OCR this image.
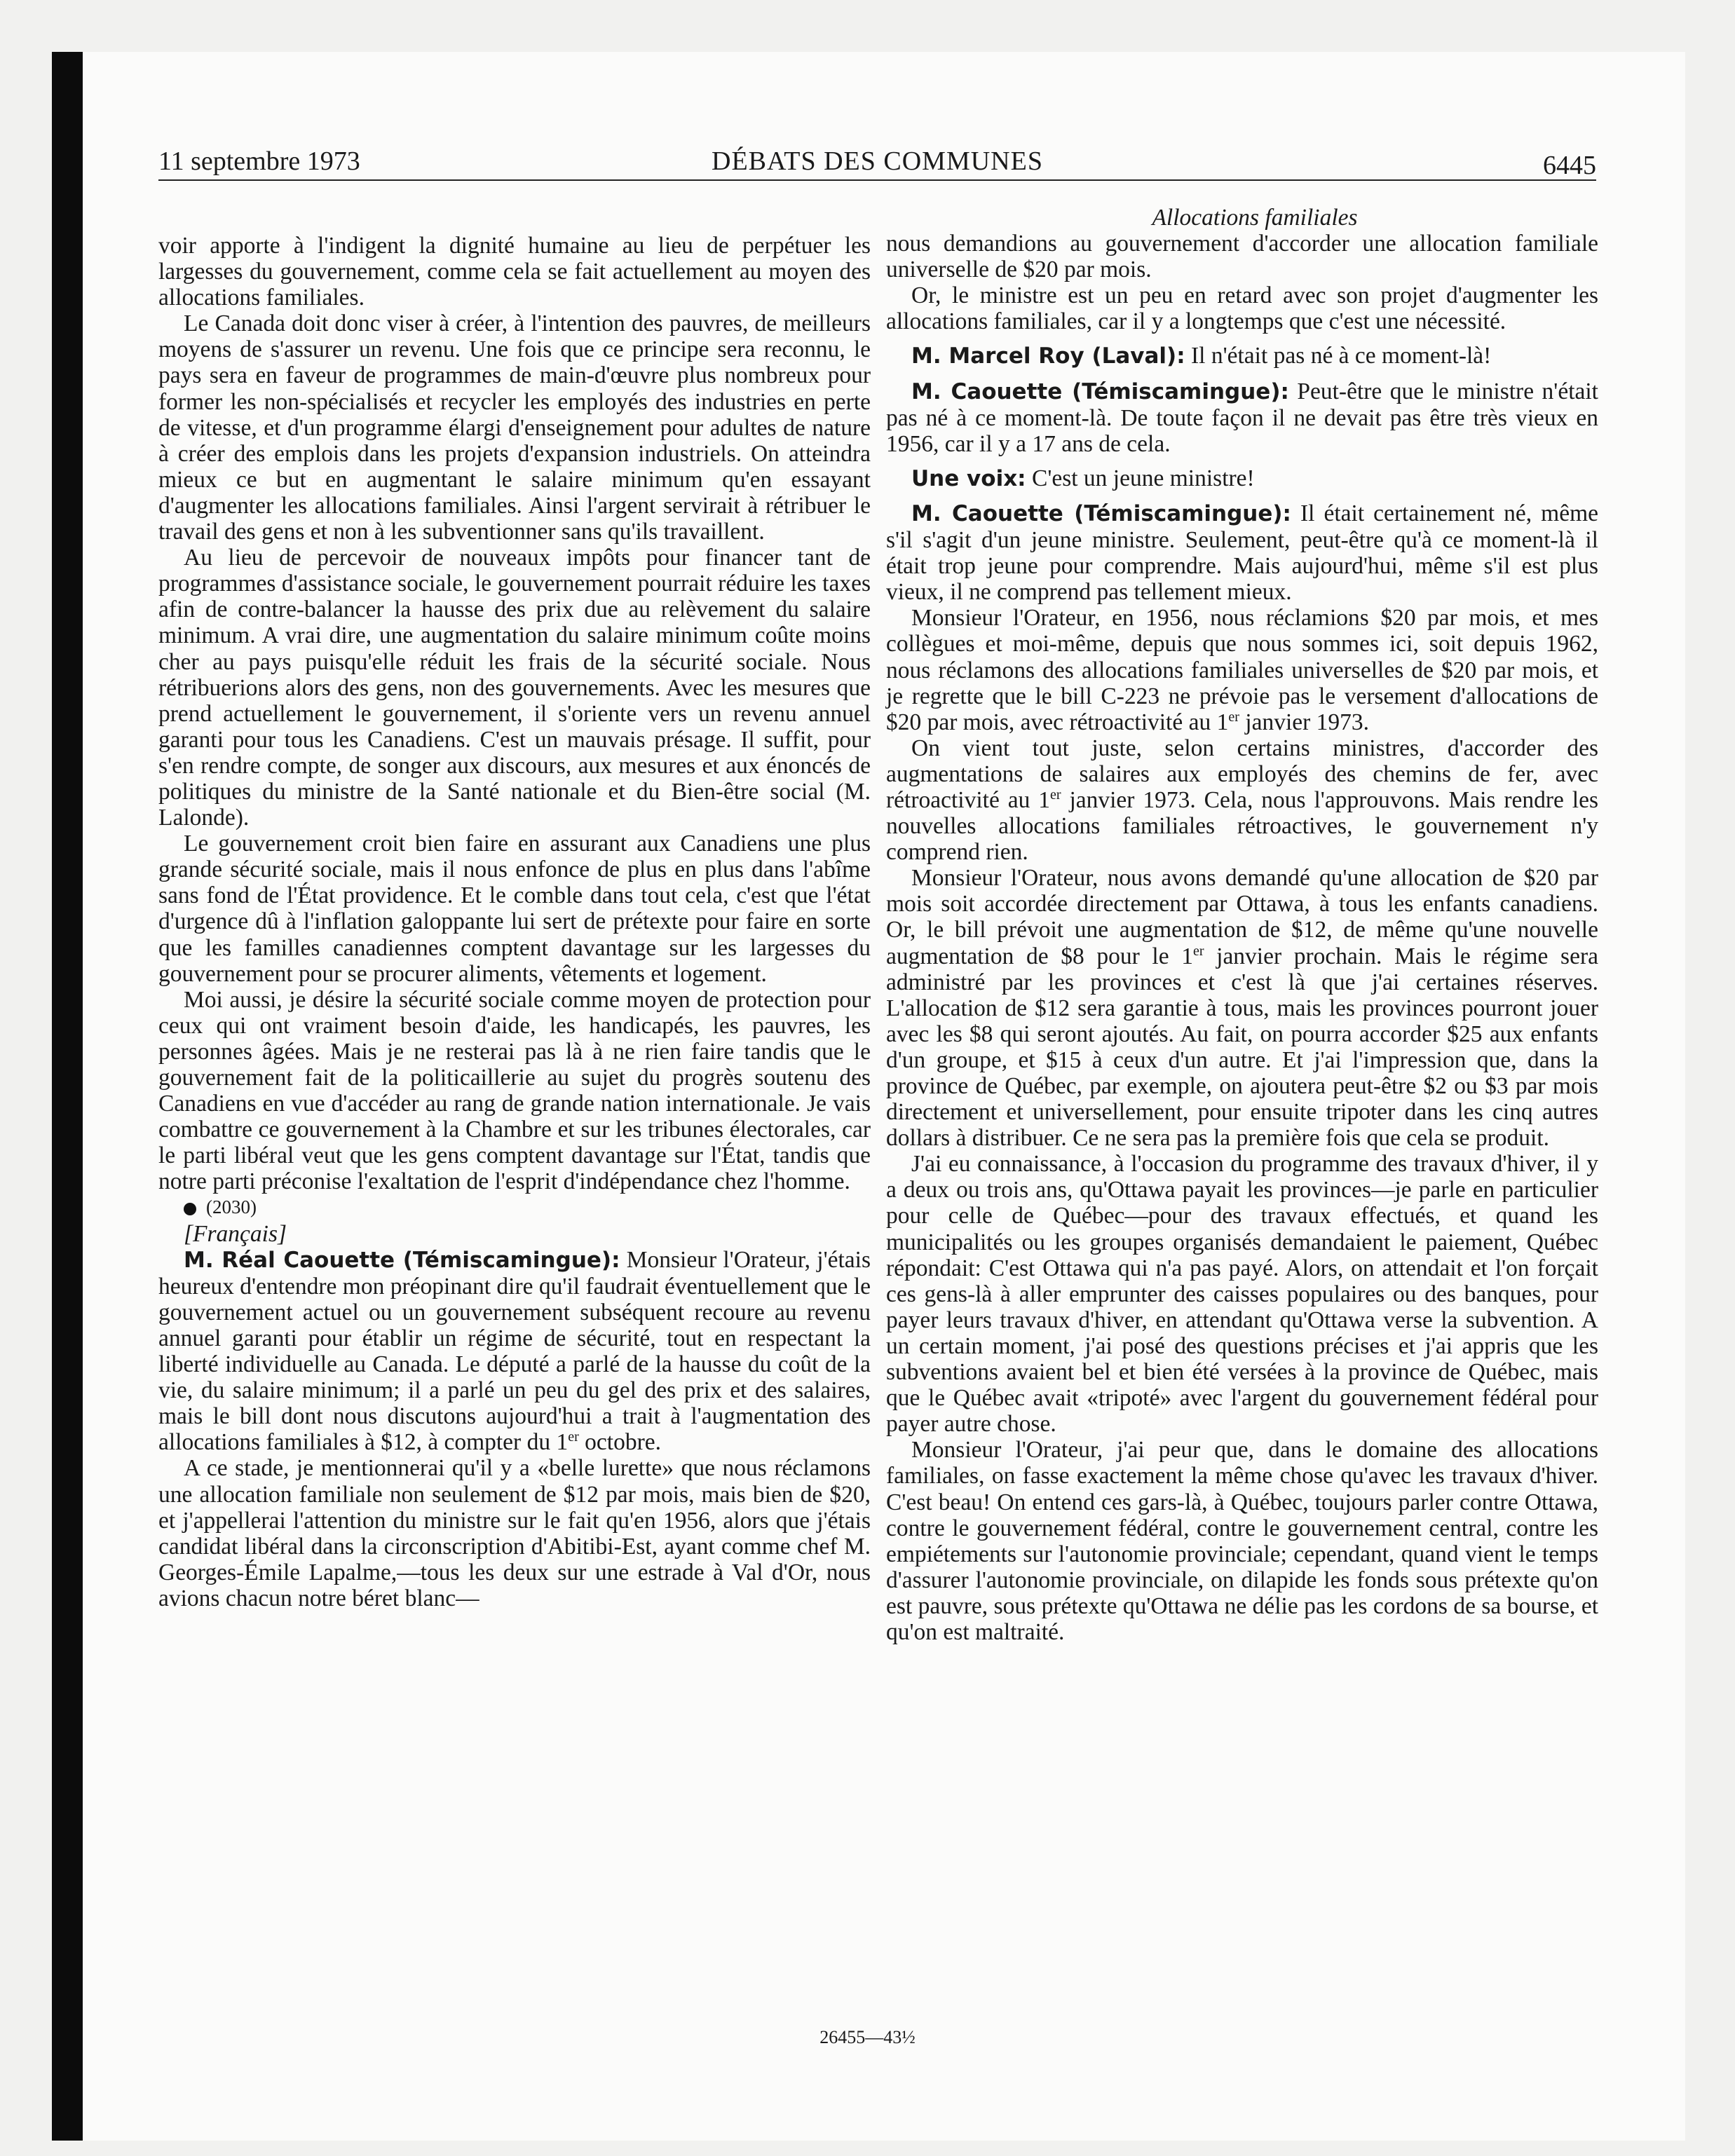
11 septembre 1973	DÉBATS DES COMMUNES	6445

voir apporte à l'indigent la dignité humaine au lieu de perpétuer les largesses du gouvernement, comme cela se fait actuellement au moyen des allocations familiales.

Le Canada doit donc viser à créer, à l'intention des pauvres, de meilleurs moyens de s'assurer un revenu. Une fois que ce principe sera reconnu, le pays sera en faveur de programmes de main-d'œuvre plus nombreux pour former les non-spécialisés et recycler les employés des industries en perte de vitesse, et d'un programme élargi d'enseignement pour adultes de nature à créer des emplois dans les projets d'expansion industriels. On atteindra mieux ce but en augmentant le salaire minimum qu'en essayant d'augmenter les allocations familiales. Ainsi l'argent servirait à rétribuer le travail des gens et non à les subventionner sans qu'ils travaillent.

Au lieu de percevoir de nouveaux impôts pour financer tant de programmes d'assistance sociale, le gouvernement pourrait réduire les taxes afin de contre-balancer la hausse des prix due au relèvement du salaire minimum. A vrai dire, une augmentation du salaire minimum coûte moins cher au pays puisqu'elle réduit les frais de la sécurité sociale. Nous rétribuerions alors des gens, non des gouvernements. Avec les mesures que prend actuellement le gouvernement, il s'oriente vers un revenu annuel garanti pour tous les Canadiens. C'est un mauvais présage. Il suffit, pour s'en rendre compte, de songer aux discours, aux mesures et aux énoncés de politiques du ministre de la Santé nationale et du Bien-être social (M. Lalonde).

Le gouvernement croit bien faire en assurant aux Canadiens une plus grande sécurité sociale, mais il nous enfonce de plus en plus dans l'abîme sans fond de l'État providence. Et le comble dans tout cela, c'est que l'état d'urgence dû à l'inflation galoppante lui sert de prétexte pour faire en sorte que les familles canadiennes comptent davantage sur les largesses du gouvernement pour se procurer aliments, vêtements et logement.

Moi aussi, je désire la sécurité sociale comme moyen de protection pour ceux qui ont vraiment besoin d'aide, les handicapés, les pauvres, les personnes âgées. Mais je ne resterai pas là à ne rien faire tandis que le gouvernement fait de la politicaillerie au sujet du progrès soutenu des Canadiens en vue d'accéder au rang de grande nation internationale. Je vais combattre ce gouvernement à la Chambre et sur les tribunes électorales, car le parti libéral veut que les gens comptent davantage sur l'État, tandis que notre parti préconise l'exaltation de l'esprit d'indépendance chez l'homme.

(2030)

[Français]

M. Réal Caouette (Témiscamingue): Monsieur l'Orateur, j'étais heureux d'entendre mon préopinant dire qu'il faudrait éventuellement que le gouvernement actuel ou un gouvernement subséquent recoure au revenu annuel garanti pour établir un régime de sécurité, tout en respectant la liberté individuelle au Canada. Le député a parlé de la hausse du coût de la vie, du salaire minimum; il a parlé un peu du gel des prix et des salaires, mais le bill dont nous discutons aujourd'hui a trait à l'augmentation des allocations familiales à $12, à compter du 1er octobre.

A ce stade, je mentionnerai qu'il y a «belle lurette» que nous réclamons une allocation familiale non seulement de $12 par mois, mais bien de $20, et j'appellerai l'attention du ministre sur le fait qu'en 1956, alors que j'étais candidat libéral dans la circonscription d'Abitibi-Est, ayant comme chef M. Georges-Émile Lapalme,—tous les deux sur une estrade à Val d'Or, nous avions chacun notre béret blanc—

Allocations familiales

nous demandions au gouvernement d'accorder une allocation familiale universelle de $20 par mois.

Or, le ministre est un peu en retard avec son projet d'augmenter les allocations familiales, car il y a longtemps que c'est une nécessité.

M. Marcel Roy (Laval): Il n'était pas né à ce moment-là!

M. Caouette (Témiscamingue): Peut-être que le ministre n'était pas né à ce moment-là. De toute façon il ne devait pas être très vieux en 1956, car il y a 17 ans de cela.

Une voix: C'est un jeune ministre!

M. Caouette (Témiscamingue): Il était certainement né, même s'il s'agit d'un jeune ministre. Seulement, peut-être qu'à ce moment-là il était trop jeune pour comprendre. Mais aujourd'hui, même s'il est plus vieux, il ne comprend pas tellement mieux.

Monsieur l'Orateur, en 1956, nous réclamions $20 par mois, et mes collègues et moi-même, depuis que nous sommes ici, soit depuis 1962, nous réclamons des allocations familiales universelles de $20 par mois, et je regrette que le bill C-223 ne prévoie pas le versement d'allocations de $20 par mois, avec rétroactivité au 1er janvier 1973.

On vient tout juste, selon certains ministres, d'accorder des augmentations de salaires aux employés des chemins de fer, avec rétroactivité au 1er janvier 1973. Cela, nous l'approuvons. Mais rendre les nouvelles allocations familiales rétroactives, le gouvernement n'y comprend rien.

Monsieur l'Orateur, nous avons demandé qu'une allocation de $20 par mois soit accordée directement par Ottawa, à tous les enfants canadiens. Or, le bill prévoit une augmentation de $12, de même qu'une nouvelle augmentation de $8 pour le 1er janvier prochain. Mais le régime sera administré par les provinces et c'est là que j'ai certaines réserves. L'allocation de $12 sera garantie à tous, mais les provinces pourront jouer avec les $8 qui seront ajoutés. Au fait, on pourra accorder $25 aux enfants d'un groupe, et $15 à ceux d'un autre. Et j'ai l'impression que, dans la province de Québec, par exemple, on ajoutera peut-être $2 ou $3 par mois directement et universellement, pour ensuite tripoter dans les cinq autres dollars à distribuer. Ce ne sera pas la première fois que cela se produit.

J'ai eu connaissance, à l'occasion du programme des travaux d'hiver, il y a deux ou trois ans, qu'Ottawa payait les provinces—je parle en particulier pour celle de Québec—pour des travaux effectués, et quand les municipalités ou les groupes organisés demandaient le paiement, Québec répondait: C'est Ottawa qui n'a pas payé. Alors, on attendait et l'on forçait ces gens-là à aller emprunter des caisses populaires ou des banques, pour payer leurs travaux d'hiver, en attendant qu'Ottawa verse la subvention. A un certain moment, j'ai posé des questions précises et j'ai appris que les subventions avaient bel et bien été versées à la province de Québec, mais que le Québec avait «tripoté» avec l'argent du gouvernement fédéral pour payer autre chose.

Monsieur l'Orateur, j'ai peur que, dans le domaine des allocations familiales, on fasse exactement la même chose qu'avec les travaux d'hiver. C'est beau! On entend ces gars-là, à Québec, toujours parler contre Ottawa, contre le gouvernement fédéral, contre le gouvernement central, contre les empiétements sur l'autonomie provinciale; cependant, quand vient le temps d'assurer l'autonomie provinciale, on dilapide les fonds sous prétexte qu'on est pauvre, sous prétexte qu'Ottawa ne délie pas les cordons de sa bourse, et qu'on est maltraité.

26455—43½
